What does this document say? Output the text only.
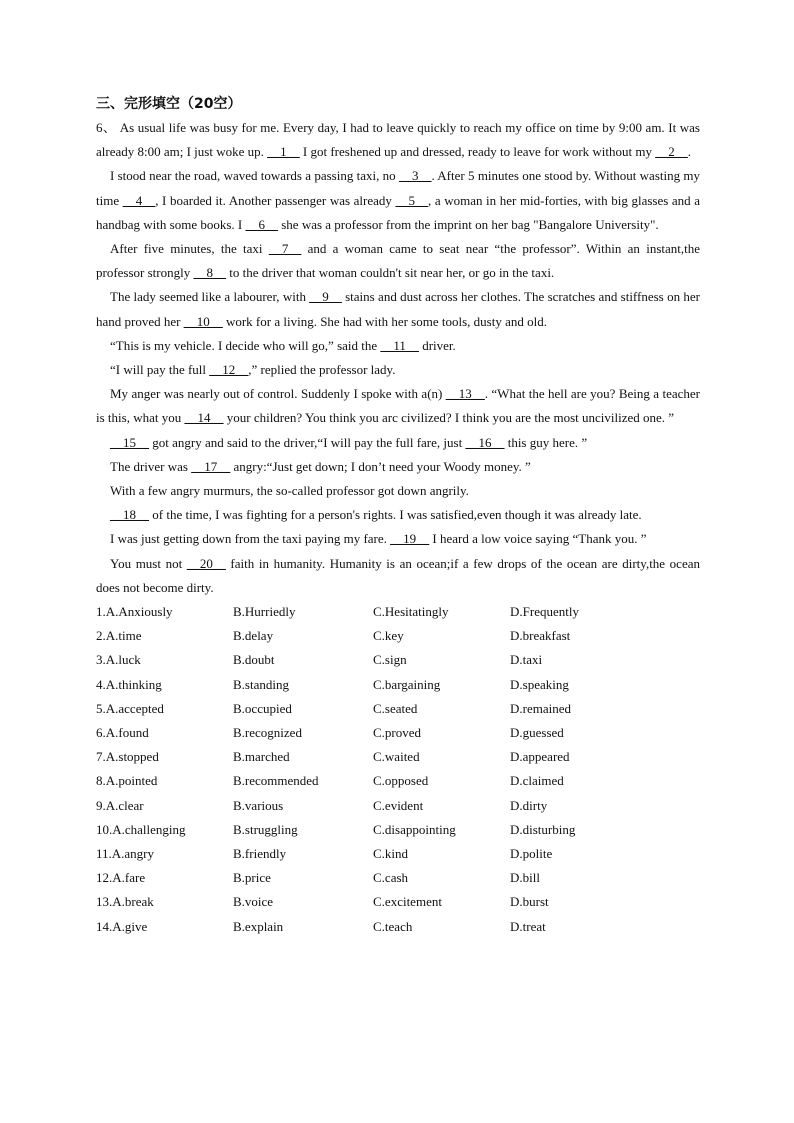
三、完形填空（20空）

6、 As usual life was busy for me. Every day, I had to leave quickly to reach my office on time by 9:00 am. It was already 8:00 am; I just woke up. __1__ I got freshened up and dressed, ready to leave for work without my __2__.

I stood near the road, waved towards a passing taxi, no __3__. After 5 minutes one stood by. Without wasting my time __4__, I boarded it. Another passenger was already __5__, a woman in her mid-forties, with big glasses and a handbag with some books. I __6__ she was a professor from the imprint on her bag "Bangalore University".

After five minutes, the taxi __7__ and a woman came to seat near “the professor”. Within an instant,the professor strongly __8__ to the driver that woman couldn't sit near her, or go in the taxi.

The lady seemed like a labourer, with __9__ stains and dust across her clothes. The scratches and stiffness on her hand proved her __10__ work for a living. She had with her some tools, dusty and old.

“This is my vehicle. I decide who will go,” said the __11__ driver.

“I will pay the full __12__,” replied the professor lady.

My anger was nearly out of control. Suddenly I spoke with a(n) __13__. “What the hell are you? Being a teacher is this, what you __14__ your children? You think you arc civilized? I think you are the most uncivilized one. ”

__15__ got angry and said to the driver,“I will pay the full fare, just __16__ this guy here. ”

The driver was __17__ angry:“Just get down; I don’t need your Woody money. ”

With a few angry murmurs, the so-called professor got down angrily.

__18__ of the time, I was fighting for a person's rights. I was satisfied,even though it was already late.

I was just getting down from the taxi paying my fare. __19__ I heard a low voice saying “Thank you. ”

You must not __20__ faith in humanity. Humanity is an ocean;if a few drops of the ocean are dirty,the ocean does not become dirty.

1.A.Anxiously	B.Hurriedly	C.Hesitatingly	D.Frequently
2.A.time	B.delay	C.key	D.breakfast
3.A.luck	B.doubt	C.sign	D.taxi
4.A.thinking	B.standing	C.bargaining	D.speaking
5.A.accepted	B.occupied	C.seated	D.remained
6.A.found	B.recognized	C.proved	D.guessed
7.A.stopped	B.marched	C.waited	D.appeared
8.A.pointed	B.recommended	C.opposed	D.claimed
9.A.clear	B.various	C.evident	D.dirty
10.A.challenging	B.struggling	C.disappointing	D.disturbing
11.A.angry	B.friendly	C.kind	D.polite
12.A.fare	B.price	C.cash	D.bill
13.A.break	B.voice	C.excitement	D.burst
14.A.give	B.explain	C.teach	D.treat
